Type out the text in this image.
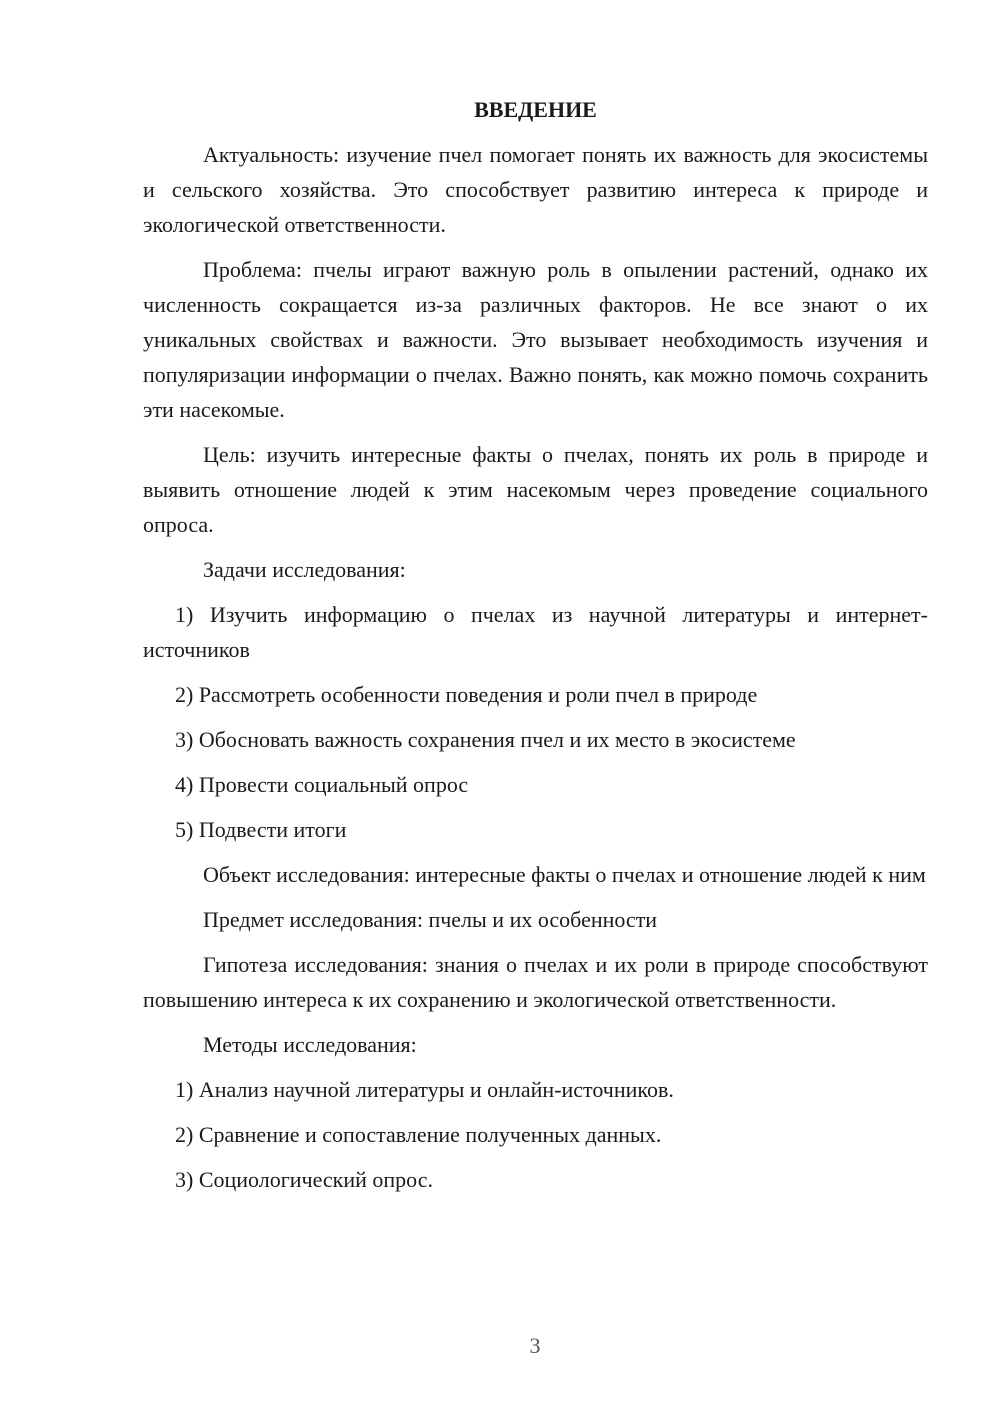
ВВЕДЕНИЕ

Актуальность: изучение пчел помогает понять их важность для экосистемы и сельского хозяйства. Это способствует развитию интереса к природе и экологической ответственности.

Проблема: пчелы играют важную роль в опылении растений, однако их численность сокращается из-за различных факторов. Не все знают о их уникальных свойствах и важности. Это вызывает необходимость изучения и популяризации информации о пчелах. Важно понять, как можно помочь сохранить эти насекомые.

Цель: изучить интересные факты о пчелах, понять их роль в природе и выявить отношение людей к этим насекомым через проведение социального опроса.

Задачи исследования:

1) Изучить информацию о пчелах из научной литературы и интернет-источников

2) Рассмотреть особенности поведения и роли пчел в природе

3) Обосновать важность сохранения пчел и их место в экосистеме

4) Провести социальный опрос

5) Подвести итоги

Объект исследования: интересные факты о пчелах и отношение людей к ним

Предмет исследования: пчелы и их особенности

Гипотеза исследования: знания о пчелах и их роли в природе способствуют повышению интереса к их сохранению и экологической ответственности.

Методы исследования:

1) Анализ научной литературы и онлайн-источников.

2) Сравнение и сопоставление полученных данных.

3) Социологический опрос.

3
